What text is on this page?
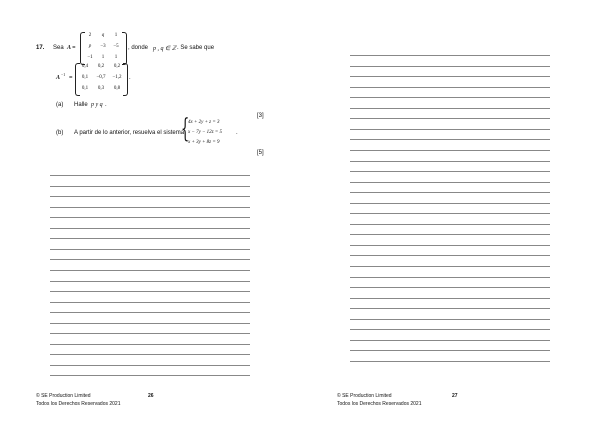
17. Sea A =
2	q	1
p	−3	−5
−1	1	1
, donde p , q ∈ ℤ . Se sabe que
A
−1
=
0,4	0,2	0,2
0,1	−0,7	−1,2
0,1	0,3	0,8
.
(a) Halle p y q .
[3]
(b) A partir de lo anterior, resuelva el sistema
{
4x + 2y + z = 3
x − 7y − 12z = 5
x + 3y + 8z = 9
.
[5]
© SE Production Limited
Todos los Derechos Reservados 2021
26	© SE Production Limited
Todos los Derechos Reservados 2021
27
